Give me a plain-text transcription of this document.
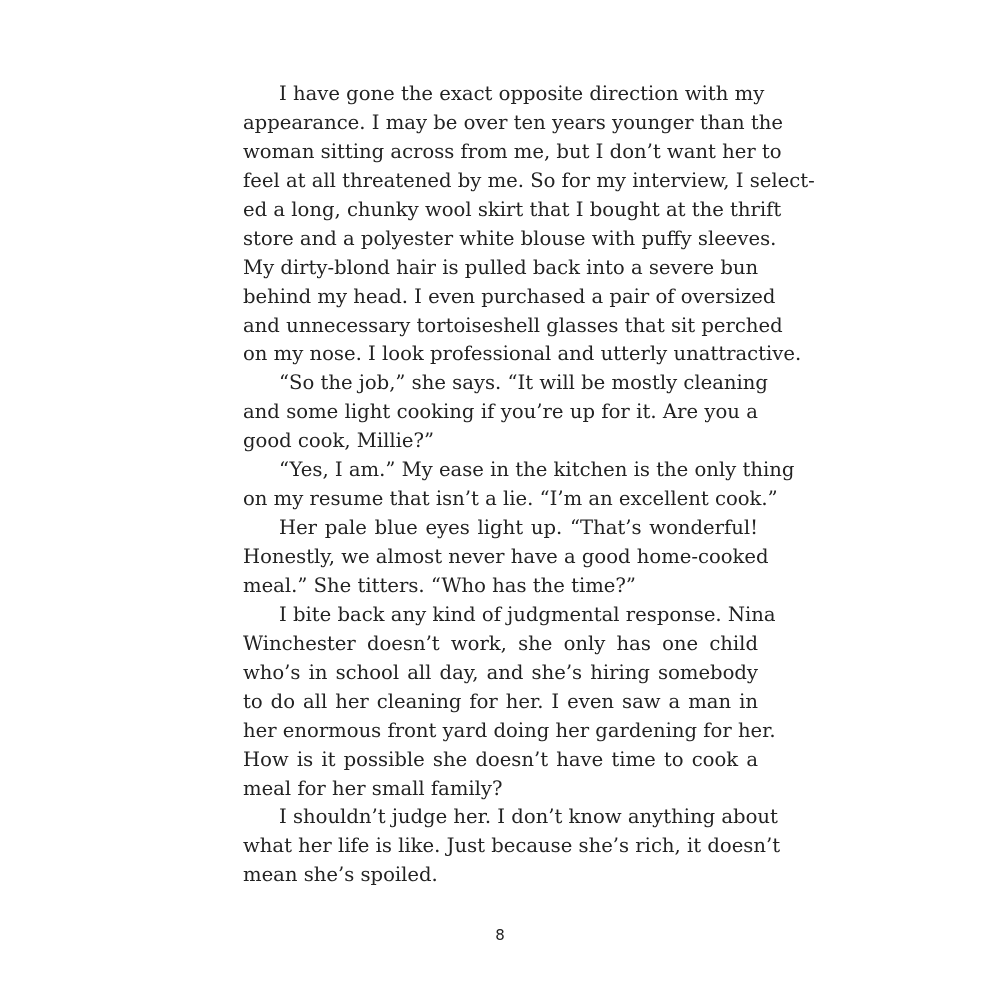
I have gone the exact opposite direction with my
appearance. I may be over ten years younger than the
woman sitting across from me, but I don’t want her to
feel at all threatened by me. So for my interview, I select-
ed a long, chunky wool skirt that I bought at the thrift
store and a polyester white blouse with puffy sleeves.
My dirty-blond hair is pulled back into a severe bun
behind my head. I even purchased a pair of oversized
and unnecessary tortoiseshell glasses that sit perched
on my nose. I look professional and utterly unattractive.
“So the job,” she says. “It will be mostly cleaning
and some light cooking if you’re up for it. Are you a
good cook, Millie?”
“Yes, I am.” My ease in the kitchen is the only thing
on my resume that isn’t a lie. “I’m an excellent cook.”
Her pale blue eyes light up. “That’s wonderful!
Honestly, we almost never have a good home-cooked
meal.” She titters. “Who has the time?”
I bite back any kind of judgmental response. Nina
Winchester doesn’t work, she only has one child
who’s in school all day, and she’s hiring somebody
to do all her cleaning for her. I even saw a man in
her enormous front yard doing her gardening for her.
How is it possible she doesn’t have time to cook a
meal for her small family?
I shouldn’t judge her. I don’t know anything about
what her life is like. Just because she’s rich, it doesn’t
mean she’s spoiled.
8
